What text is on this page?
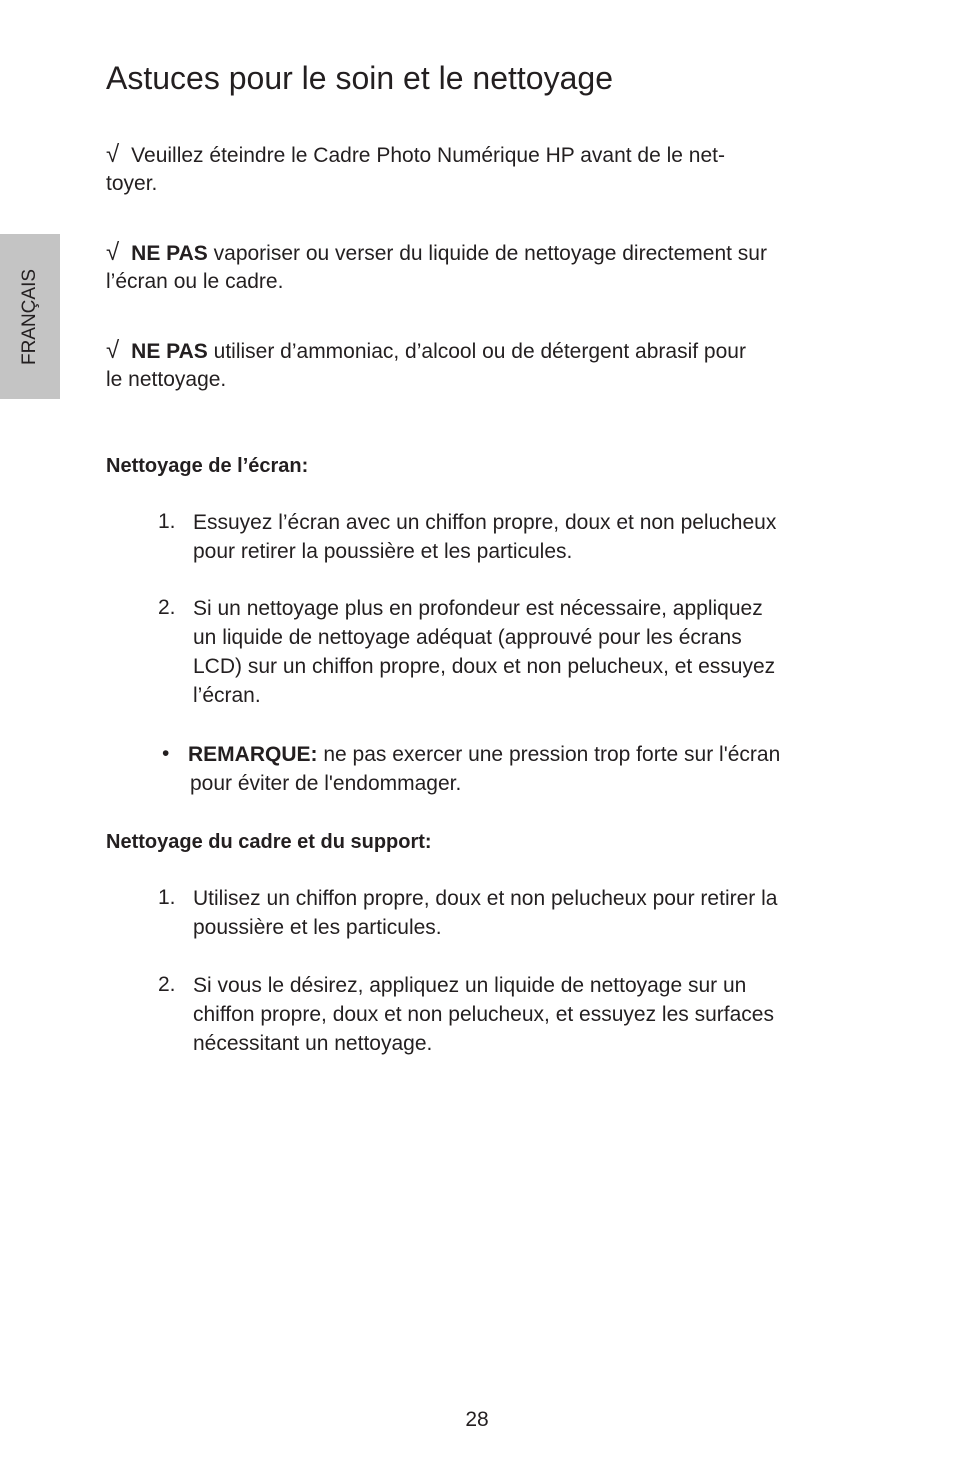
FRANÇAIS
Astuces pour le soin et le nettoyage
√ Veuillez éteindre le Cadre Photo Numérique HP avant de le net-
toyer.
√ NE PAS vaporiser ou verser du liquide de nettoyage directement sur
l’écran ou le cadre.
√ NE PAS utiliser d’ammoniac, d’alcool ou de détergent abrasif pour
le nettoyage.
Nettoyage de l’écran:
1. Essuyez l’écran avec un chiffon propre, doux et non pelucheux
pour retirer la poussière et les particules.
2. Si un nettoyage plus en profondeur est nécessaire, appliquez
un liquide de nettoyage adéquat (approuvé pour les écrans
LCD) sur un chiffon propre, doux et non pelucheux, et essuyez
l’écran.
• REMARQUE: ne pas exercer une pression trop forte sur l'écran
pour éviter de l'endommager.
Nettoyage du cadre et du support:
1. Utilisez un chiffon propre, doux et non pelucheux pour retirer la
poussière et les particules.
2. Si vous le désirez, appliquez un liquide de nettoyage sur un
chiffon propre, doux et non pelucheux, et essuyez les surfaces
nécessitant un nettoyage.
28
